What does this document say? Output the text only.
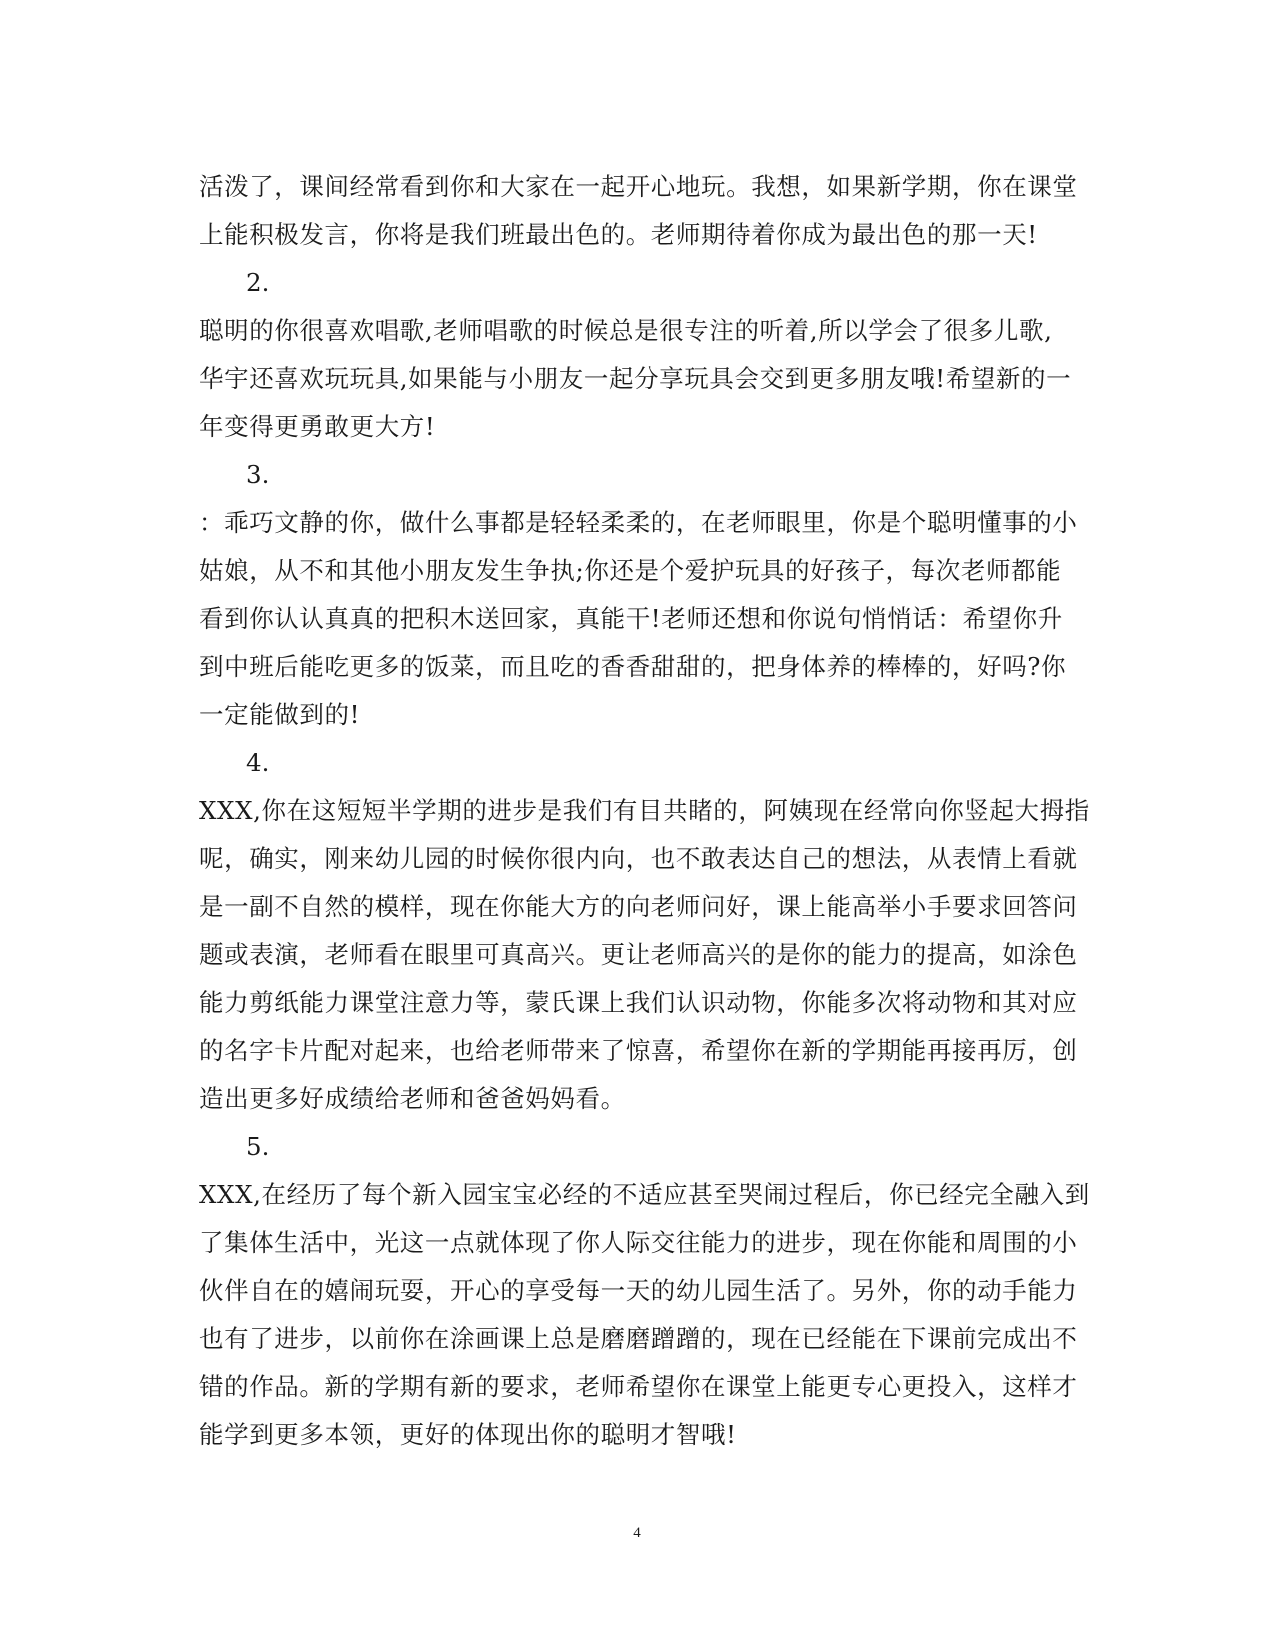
活泼了，课间经常看到你和大家在一起开心地玩。我想，如果新学期，你在课堂
上能积极发言，你将是我们班最出色的。老师期待着你成为最出色的那一天!
2.
聪明的你很喜欢唱歌,老师唱歌的时候总是很专注的听着,所以学会了很多儿歌,
华宇还喜欢玩玩具,如果能与小朋友一起分享玩具会交到更多朋友哦!希望新的一
年变得更勇敢更大方!
3.
：乖巧文静的你，做什么事都是轻轻柔柔的，在老师眼里，你是个聪明懂事的小
姑娘，从不和其他小朋友发生争执;你还是个爱护玩具的好孩子，每次老师都能
看到你认认真真的把积木送回家，真能干!老师还想和你说句悄悄话：希望你升
到中班后能吃更多的饭菜，而且吃的香香甜甜的，把身体养的棒棒的，好吗?你
一定能做到的!
4.
XXX,你在这短短半学期的进步是我们有目共睹的，阿姨现在经常向你竖起大拇指
呢，确实，刚来幼儿园的时候你很内向，也不敢表达自己的想法，从表情上看就
是一副不自然的模样，现在你能大方的向老师问好，课上能高举小手要求回答问
题或表演，老师看在眼里可真高兴。更让老师高兴的是你的能力的提高，如涂色
能力剪纸能力课堂注意力等，蒙氏课上我们认识动物，你能多次将动物和其对应
的名字卡片配对起来，也给老师带来了惊喜，希望你在新的学期能再接再厉，创
造出更多好成绩给老师和爸爸妈妈看。
5.
XXX,在经历了每个新入园宝宝必经的不适应甚至哭闹过程后，你已经完全融入到
了集体生活中，光这一点就体现了你人际交往能力的进步，现在你能和周围的小
伙伴自在的嬉闹玩耍，开心的享受每一天的幼儿园生活了。另外，你的动手能力
也有了进步，以前你在涂画课上总是磨磨蹭蹭的，现在已经能在下课前完成出不
错的作品。新的学期有新的要求，老师希望你在课堂上能更专心更投入，这样才
能学到更多本领，更好的体现出你的聪明才智哦!
4
